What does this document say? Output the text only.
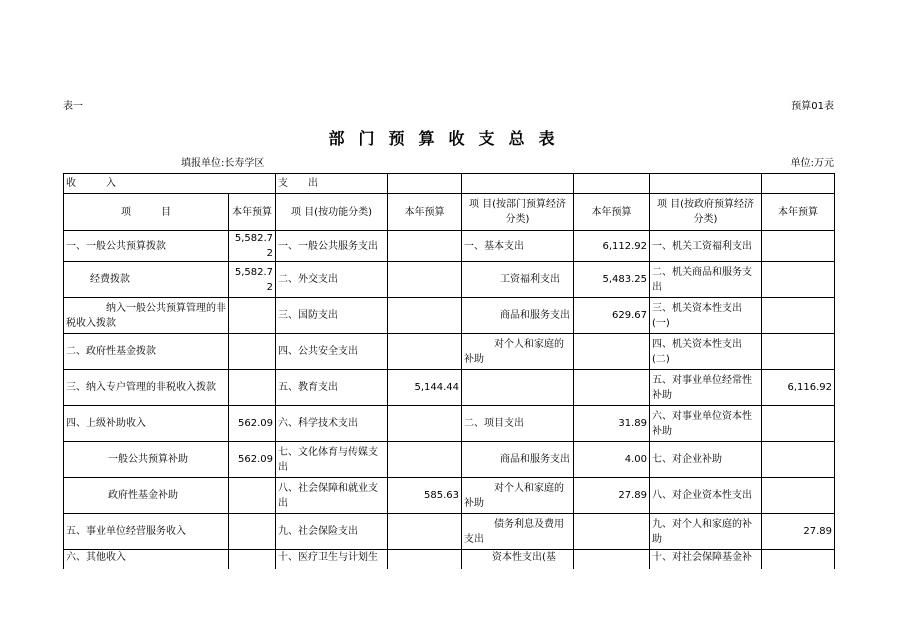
表一	预算01表
部门预算收支总表
填报单位:长寿学区	单位:万元
收　　　入		支　　出					
项　　　目	本年预算	项 目(按功能分类)	本年预算	项 目(按部门预算经济分类)	本年预算	项 目(按政府预算经济分类)	本年预算
一、一般公共预算拨款	5,582.72	一、一般公共服务支出		一、基本支出	6,112.92	一、机关工资福利支出	
经费拨款	5,582.72	二、外交支出		工资福利支出	5,483.25	二、机关商品和服务支出	
纳入一般公共预算管理的非税收入拨款		三、国防支出		商品和服务支出	629.67	三、机关资本性支出(一)	
二、政府性基金拨款		四、公共安全支出		对个人和家庭的补助		四、机关资本性支出(二)	
三、纳入专户管理的非税收入拨款		五、教育支出	5,144.44			五、对事业单位经常性补助	6,116.92
四、上级补助收入	562.09	六、科学技术支出		二、项目支出	31.89	六、对事业单位资本性补助	
一般公共预算补助	562.09	七、文化体育与传媒支出		商品和服务支出	4.00	七、对企业补助	
政府性基金补助		八、社会保障和就业支出	585.63	对个人和家庭的补助	27.89	八、对企业资本性支出	
五、事业单位经营服务收入		九、社会保险支出		债务利息及费用支出		九、对个人和家庭的补助	27.89
六、其他收入		十、医疗卫生与计划生		资本性支出(基		十、对社会保障基金补	
